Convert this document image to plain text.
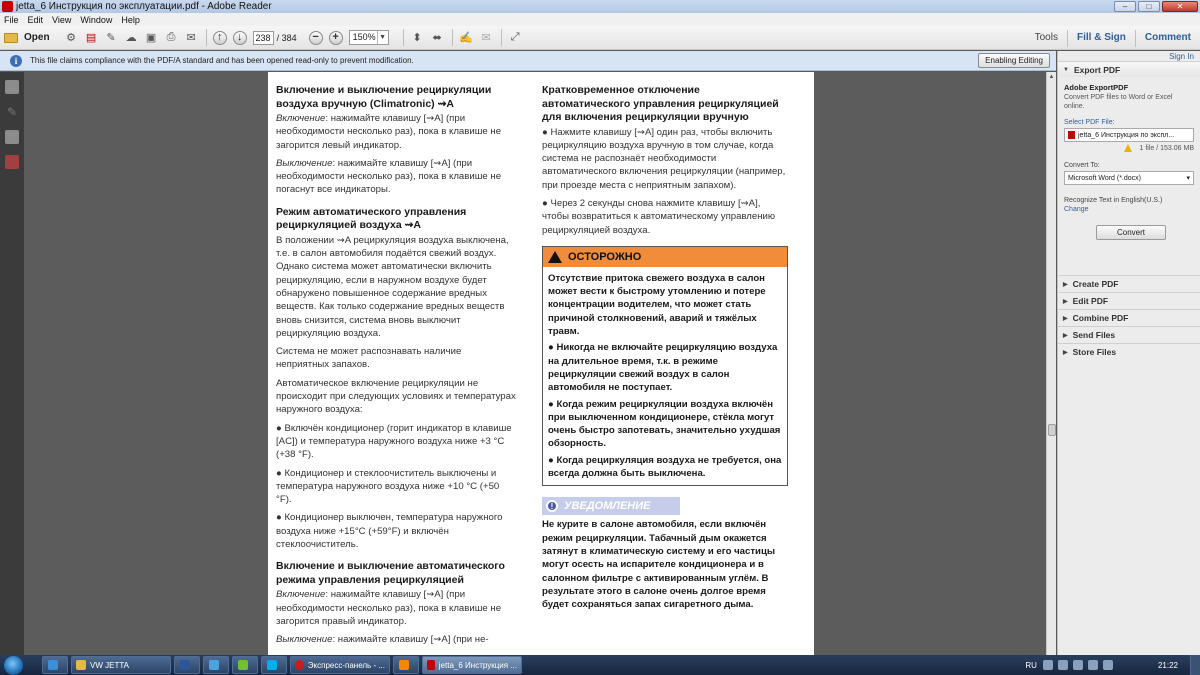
jetta_6 Инструкция по эксплуатации.pdf - Adobe Reader	–	□	✕
File Edit View Window Help
Open ⚙ ▤ ✎ ☁ ▣ ⎙ ✉	↑	↓	238 / 384	−	+	150% ▼ ⬍ ⬌ ✍ ✉ ⤢	Tools	Fill & Sign	Comment
i	This file claims compliance with the PDF/A standard and has been opened read-only to prevent modification.	Enabling Editing
✎
Включение и выключение рециркуляции воздуха вручную (Climatronic) ⇝A

Включение: нажимайте клавишу [⇝A] (при необходимости несколько раз), пока в клавише не загорится левый индикатор.

Выключение: нажимайте клавишу [⇝A] (при необходимости несколько раз), пока в клавише не погаснут все индикаторы.

Режим автоматического управления рециркуляцией воздуха ⇝A

В положении ⇝A рециркуляция воздуха выключена, т.е. в салон автомобиля подаётся свежий воздух. Однако система может автоматически включить рециркуляцию, если в наружном воздухе будет обнаружено повышенное содержание вредных веществ. Как только содержание вредных веществ вновь снизится, система вновь выключит рециркуляцию воздуха.

Система не может распознавать наличие неприятных запахов.

Автоматическое включение рециркуляции не происходит при следующих условиях и температурах наружного воздуха:

● Включён кондиционер (горит индикатор в клавише [AC]) и температура наружного воздуха ниже +3 °C (+38 °F).

● Кондиционер и стеклоочиститель выключены и температура наружного воздуха ниже +10 °C (+50 °F).

● Кондиционер выключен, температура наружного воздуха ниже +15°C (+59°F) и включён стеклоочиститель.

Включение и выключение автоматического режима управления рециркуляцией

Включение: нажимайте клавишу [⇝A] (при необходимости несколько раз), пока в клавише не загорится правый индикатор.

Выключение: нажимайте клавишу [⇝A] (при не-

Кратковременное отключение автоматического управления рециркуляцией для включения рециркуляции вручную

● Нажмите клавишу [⇝A] один раз, чтобы включить рециркуляцию воздуха вручную в том случае, когда система не распознаёт необходимости автоматического включения рециркуляции (например, при проезде места с неприятным запахом).

● Через 2 секунды снова нажмите клавишу [⇝A], чтобы возвратиться к автоматическому управлению рециркуляцией воздуха.

ОСТОРОЖНО

Отсутствие притока свежего воздуха в салон может вести к быстрому утомлению и потере концентрации водителем, что может стать причиной столкновений, аварий и тяжёлых травм.

● Никогда не включайте рециркуляцию воздуха на длительное время, т.к. в режиме рециркуляции свежий воздух в салон автомобиля не поступает.

● Когда режим рециркуляции воздуха включён при выключенном кондиционере, стёкла могут очень быстро запотевать, значительно ухудшая обзорность.

● Когда рециркуляция воздуха не требуется, она всегда должна быть выключена.

! УВЕДОМЛЕНИЕ

Не курите в салоне автомобиля, если включён режим рециркуляции. Табачный дым окажется затянут в климатическую систему и его частицы могут осесть на испарителе кондиционера и в салонном фильтре с активированным углём. В результате этого в салоне очень долгое время будет сохраняться запах сигаретного дыма.

▲
Sign In
▼ Export PDF
Adobe ExportPDF
Convert PDF files to Word or Excel online.
Select PDF File:
jetta_6 Инструкция по экспл...
1 file / 153.06 MB
Convert To:
Microsoft Word (*.docx)	▾
Recognize Text in English(U.S.)
Change
Convert
▶ Create PDF
▶ Edit PDF
▶ Combine PDF
▶ Send Files
▶ Store Files
VW JETTA	Экспресс-панель - ...	jetta_6 Инструкция ...	RU	21:22
